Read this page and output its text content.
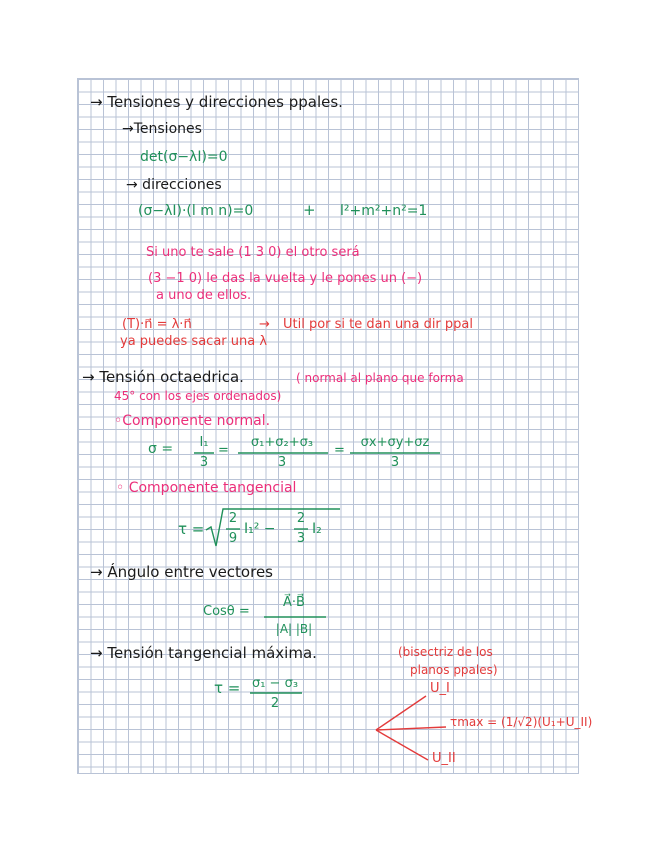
→ Tensiones y direcciones ppales.
→Tensiones
det(σ−λI)=0
→ direcciones
(σ−λI)·(l m n)=0	+ l²+m²+n²=1
Si uno te sale (1 3 0) el otro será
(3 −1 0) le das la vuelta y le pones un (−)
a uno de ellos.
(T)·n⃗ = λ·n⃗	→ Util por si te dan una dir ppal
ya puedes sacar una λ
→ Tensión octaedrica.	( normal al plano que forma
45° con los ejes ordenados)
◦Componente normal.
σ =	I₁
3
=
σ₁+σ₂+σ₃
3
=
σx+σy+σz
3
◦ Componente tangencial
τ =
2
9
I₁² −
2
3
I₂
→ Ángulo entre vectores
Cosθ =
A⃗·B⃗
|A| |B|
→ Tensión tangencial máxima.	(bisectriz de los
planos ppales)
τ = σ₁ − σ₃
2
U_I
τmax = (1/√2)(U₁+U_II)
U_II
